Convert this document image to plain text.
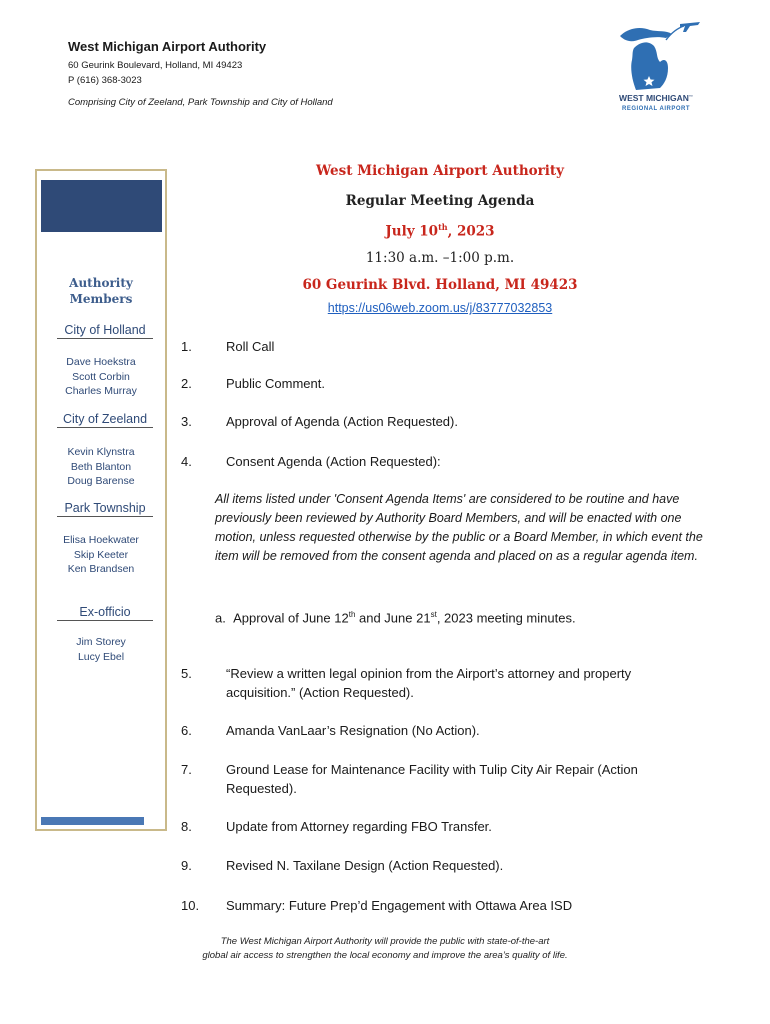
West Michigan Airport Authority
60 Geurink Boulevard, Holland, MI 49423
P (616) 368-3023
Comprising City of Zeeland, Park Township and City of Holland	WEST MICHIGAN™
REGIONAL AIRPORT
Authority
Members
City of Holland
Dave Hoekstra
Scott Corbin
Charles Murray
City of Zeeland
Kevin Klynstra
Beth Blanton
Doug Barense
Park Township
Elisa Hoekwater
Skip Keeter
Ken Brandsen
Ex-officio
Jim Storey
Lucy Ebel
West Michigan Airport Authority
Regular Meeting Agenda
July 10th, 2023
11:30 a.m. –1:00 p.m.
60 Geurink Blvd. Holland, MI 49423
https://us06web.zoom.us/j/83777032853
1.	Roll Call
2.	Public Comment.
3.	Approval of Agenda (Action Requested).
4.	Consent Agenda (Action Requested):
All items listed under 'Consent Agenda Items' are considered to be routine and have previously been reviewed by Authority Board Members, and will be enacted with one motion, unless requested otherwise by the public or a Board Member, in which event the item will be removed from the consent agenda and placed on as a regular agenda item.
a. Approval of June 12th and June 21st, 2023 meeting minutes.
5.	“Review a written legal opinion from the Airport’s attorney and property acquisition.” (Action Requested).
6.	Amanda VanLaar’s Resignation (No Action).
7.	Ground Lease for Maintenance Facility with Tulip City Air Repair (Action Requested).
8.	Update from Attorney regarding FBO Transfer.
9.	Revised N. Taxilane Design (Action Requested).
10. Summary: Future Prep’d Engagement with Ottawa Area ISD
The West Michigan Airport Authority will provide the public with state-of-the-art
global air access to strengthen the local economy and improve the area’s quality of life.
